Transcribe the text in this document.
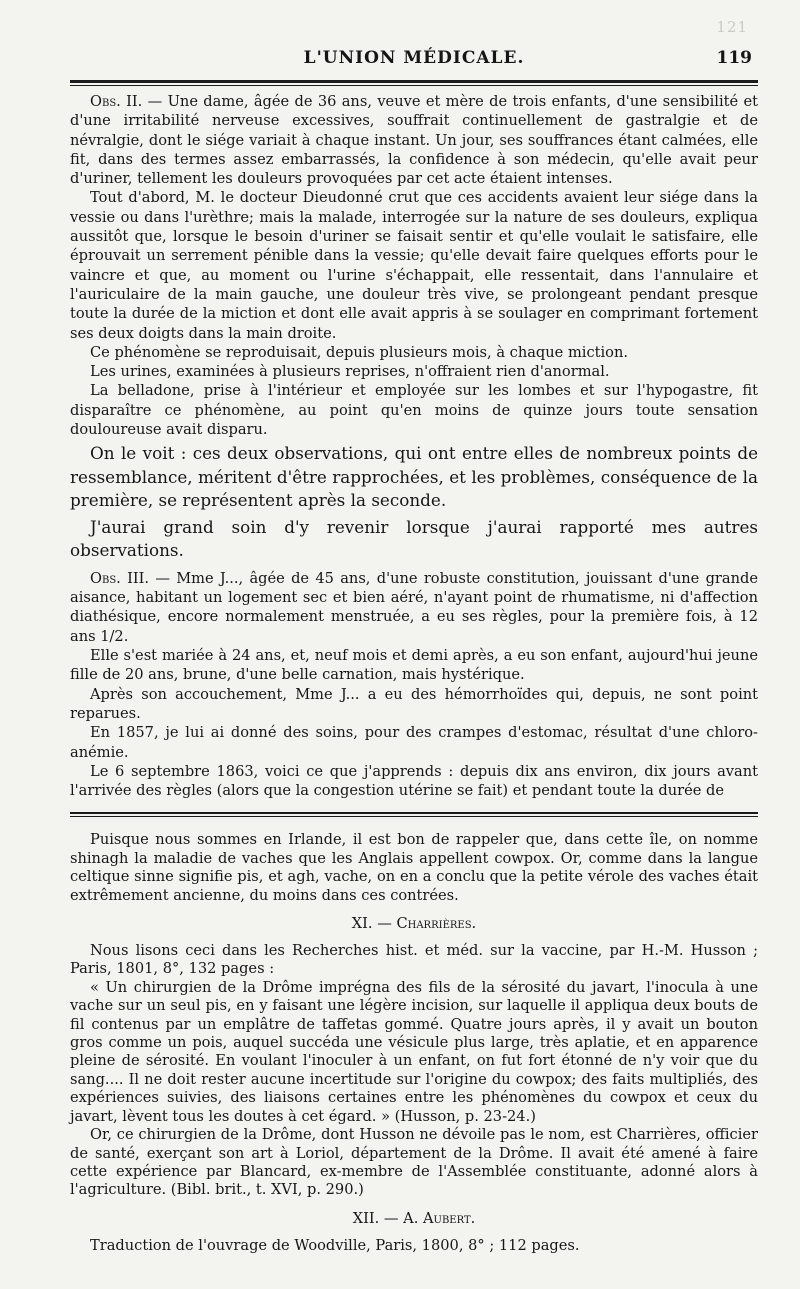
121
L'UNION MÉDICALE.	119

Obs. II. — Une dame, âgée de 36 ans, veuve et mère de trois enfants, d'une sensibilité et d'une irritabilité nerveuse excessives, souffrait continuellement de gastralgie et de névralgie, dont le siége variait à chaque instant. Un jour, ses souffrances étant calmées, elle fit, dans des termes assez embarrassés, la confidence à son médecin, qu'elle avait peur d'uriner, tellement les douleurs provoquées par cet acte étaient intenses.

Tout d'abord, M. le docteur Dieudonné crut que ces accidents avaient leur siége dans la vessie ou dans l'urèthre; mais la malade, interrogée sur la nature de ses douleurs, expliqua aussitôt que, lorsque le besoin d'uriner se faisait sentir et qu'elle voulait le satisfaire, elle éprouvait un serrement pénible dans la vessie; qu'elle devait faire quelques efforts pour le vaincre et que, au moment ou l'urine s'échappait, elle ressentait, dans l'annulaire et l'auriculaire de la main gauche, une douleur très vive, se prolongeant pendant presque toute la durée de la miction et dont elle avait appris à se soulager en comprimant fortement ses deux doigts dans la main droite.

Ce phénomène se reproduisait, depuis plusieurs mois, à chaque miction.

Les urines, examinées à plusieurs reprises, n'offraient rien d'anormal.

La belladone, prise à l'intérieur et employée sur les lombes et sur l'hypogastre, fit disparaître ce phénomène, au point qu'en moins de quinze jours toute sensation douloureuse avait disparu.

On le voit : ces deux observations, qui ont entre elles de nombreux points de ressemblance, méritent d'être rapprochées, et les problèmes, conséquence de la première, se représentent après la seconde.

J'aurai grand soin d'y revenir lorsque j'aurai rapporté mes autres observations.

Obs. III. — Mme J..., âgée de 45 ans, d'une robuste constitution, jouissant d'une grande aisance, habitant un logement sec et bien aéré, n'ayant point de rhumatisme, ni d'affection diathésique, encore normalement menstruée, a eu ses règles, pour la première fois, à 12 ans 1/2.

Elle s'est mariée à 24 ans, et, neuf mois et demi après, a eu son enfant, aujourd'hui jeune fille de 20 ans, brune, d'une belle carnation, mais hystérique.

Après son accouchement, Mme J... a eu des hémorrhoïdes qui, depuis, ne sont point reparues.

En 1857, je lui ai donné des soins, pour des crampes d'estomac, résultat d'une chloro-anémie.

Le 6 septembre 1863, voici ce que j'apprends : depuis dix ans environ, dix jours avant l'arrivée des règles (alors que la congestion utérine se fait) et pendant toute la durée de

Puisque nous sommes en Irlande, il est bon de rappeler que, dans cette île, on nomme shinagh la maladie de vaches que les Anglais appellent cowpox. Or, comme dans la langue celtique sinne signifie pis, et agh, vache, on en a conclu que la petite vérole des vaches était extrêmement ancienne, du moins dans ces contrées.

XI. — Charrières.

Nous lisons ceci dans les Recherches hist. et méd. sur la vaccine, par H.-M. Husson ; Paris, 1801, 8°, 132 pages :

« Un chirurgien de la Drôme imprégna des fils de la sérosité du javart, l'inocula à une vache sur un seul pis, en y faisant une légère incision, sur laquelle il appliqua deux bouts de fil contenus par un emplâtre de taffetas gommé. Quatre jours après, il y avait un bouton gros comme un pois, auquel succéda une vésicule plus large, très aplatie, et en apparence pleine de sérosité. En voulant l'inoculer à un enfant, on fut fort étonné de n'y voir que du sang.... Il ne doit rester aucune incertitude sur l'origine du cowpox; des faits multipliés, des expériences suivies, des liaisons certaines entre les phénomènes du cowpox et ceux du javart, lèvent tous les doutes à cet égard. » (Husson, p. 23-24.)

Or, ce chirurgien de la Drôme, dont Husson ne dévoile pas le nom, est Charrières, officier de santé, exerçant son art à Loriol, département de la Drôme. Il avait été amené à faire cette expérience par Blancard, ex-membre de l'Assemblée constituante, adonné alors à l'agriculture. (Bibl. brit., t. XVI, p. 290.)

XII. — A. Aubert.

Traduction de l'ouvrage de Woodville, Paris, 1800, 8° ; 112 pages.
